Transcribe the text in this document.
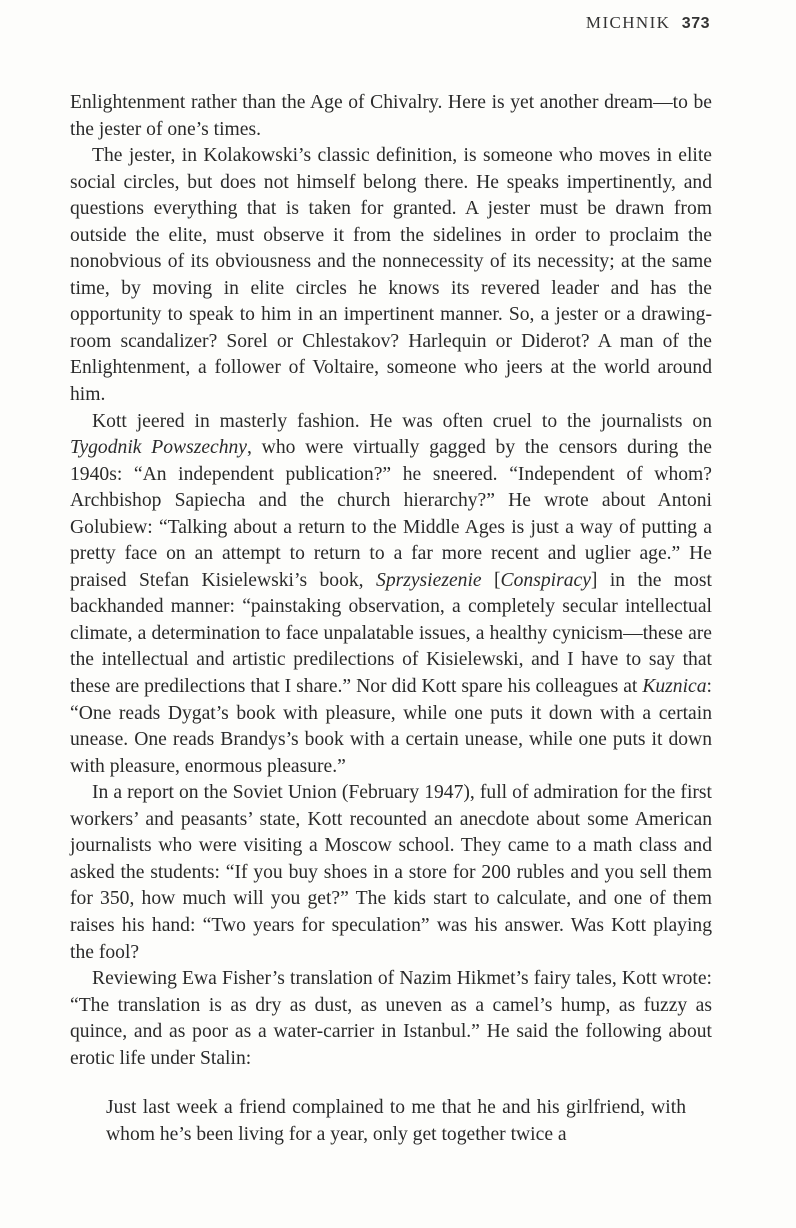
MICHNIK 373

Enlightenment rather than the Age of Chivalry. Here is yet another dream—to be the jester of one’s times.

The jester, in Kolakowski’s classic definition, is someone who moves in elite social circles, but does not himself belong there. He speaks impertinently, and questions everything that is taken for granted. A jester must be drawn from outside the elite, must observe it from the sidelines in order to proclaim the nonobvious of its obviousness and the nonnecessity of its necessity; at the same time, by moving in elite circles he knows its revered leader and has the opportunity to speak to him in an impertinent manner. So, a jester or a drawing-room scandalizer? Sorel or Chlestakov? Harlequin or Diderot? A man of the Enlightenment, a follower of Voltaire, someone who jeers at the world around him.

Kott jeered in masterly fashion. He was often cruel to the journalists on Tygodnik Powszechny, who were virtually gagged by the censors during the 1940s: “An independent publication?” he sneered. “Independent of whom? Archbishop Sapiecha and the church hierarchy?” He wrote about Antoni Golubiew: “Talking about a return to the Middle Ages is just a way of putting a pretty face on an attempt to return to a far more recent and uglier age.” He praised Stefan Kisielewski’s book, Sprzysiezenie [Conspiracy] in the most backhanded manner: “painstaking observation, a completely secular intellectual climate, a determination to face unpalatable issues, a healthy cynicism—these are the intellectual and artistic predilections of Kisielewski, and I have to say that these are predilections that I share.” Nor did Kott spare his colleagues at Kuznica: “One reads Dygat’s book with pleasure, while one puts it down with a certain unease. One reads Brandys’s book with a certain unease, while one puts it down with pleasure, enormous pleasure.”

In a report on the Soviet Union (February 1947), full of admiration for the first workers’ and peasants’ state, Kott recounted an anecdote about some American journalists who were visiting a Moscow school. They came to a math class and asked the students: “If you buy shoes in a store for 200 rubles and you sell them for 350, how much will you get?” The kids start to calculate, and one of them raises his hand: “Two years for speculation” was his answer. Was Kott playing the fool?

Reviewing Ewa Fisher’s translation of Nazim Hikmet’s fairy tales, Kott wrote: “The translation is as dry as dust, as uneven as a camel’s hump, as fuzzy as quince, and as poor as a water-carrier in Istanbul.” He said the following about erotic life under Stalin:

Just last week a friend complained to me that he and his girlfriend, with whom he’s been living for a year, only get together twice a
